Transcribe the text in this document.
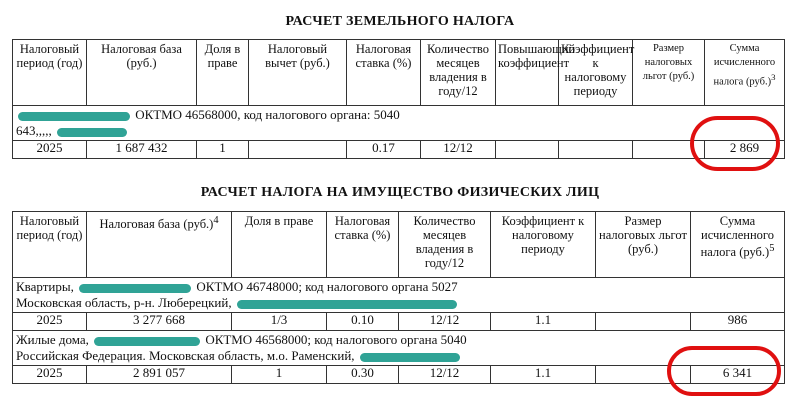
РАСЧЕТ ЗЕМЕЛЬНОГО НАЛОГА
Налоговый период (год)	Налоговая база (руб.)	Доля в праве	Налоговый вычет (руб.)	Налоговая ставка (%)	Количество месяцев владения в году/12	Повышающий коэффициент	Коэффициент к налоговому периоду	Размер налоговых льгот (руб.)	Сумма исчисленного налога $(руб.)^3$
ОКТМО 46568000, код налогового органа: 5040
643,,,,,									
2025	1 687 432	1		0.17	12/12				2 869
РАСЧЕТ НАЛОГА НА ИМУЩЕСТВО ФИЗИЧЕСКИХ ЛИЦ
Налоговый период (год)	Налоговая база $(руб.)^4$	Доля в праве	Налоговая ставка (%)	Количество месяцев владения в году/12	Коэффициент к налоговому периоду	Размер налоговых льгот (руб.)	Сумма исчисленного налога $(руб.)^5$
Квартиры, ОКТМО 46748000; код налогового органа 5027
Московская область, р-н. Люберецкий,							
2025	3 277 668	1/3	0.10	12/12	1.1		986
Жилые дома, ОКТМО 46568000; код налогового органа 5040
Российская Федерация. Московская область, м.о. Раменский,							
2025	2 891 057	1	0.30	12/12	1.1		6 341
